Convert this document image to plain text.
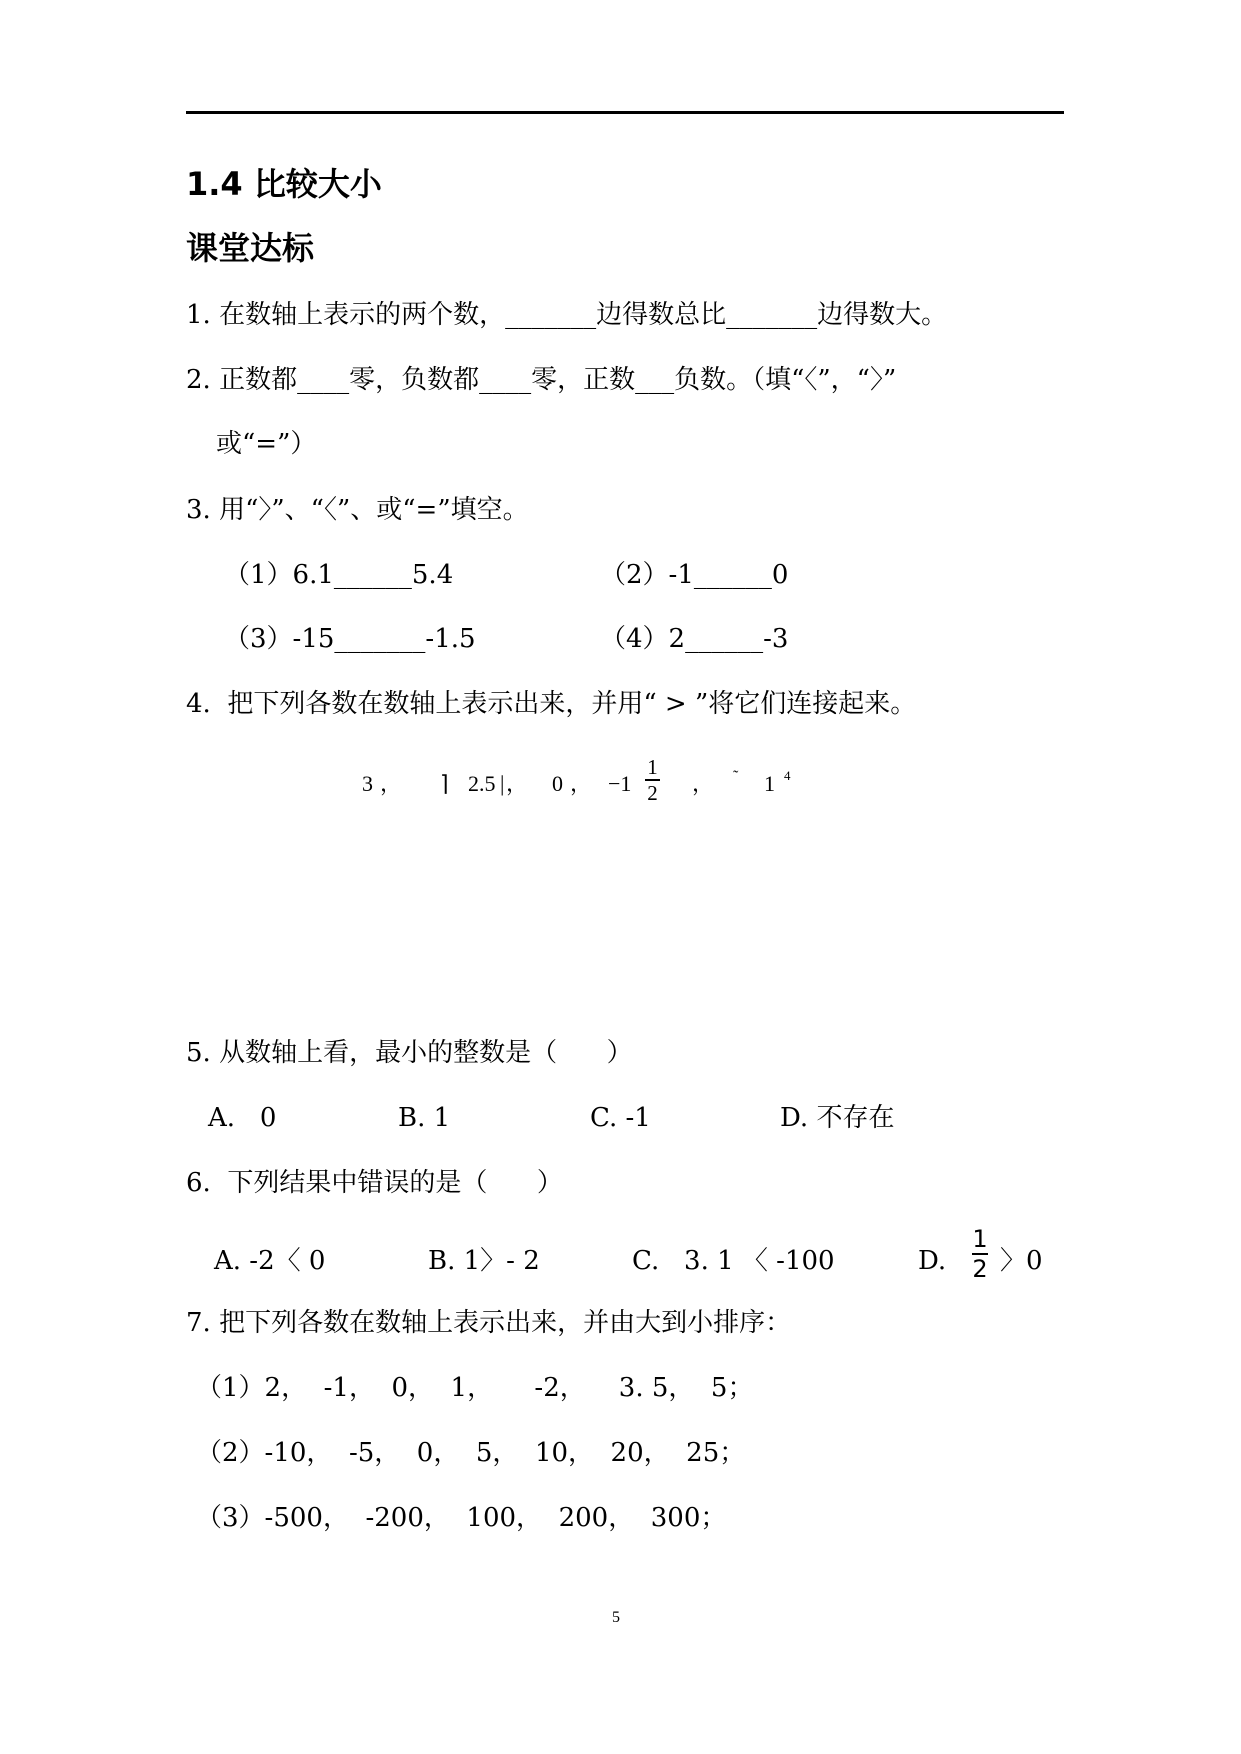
1.4 比较大小
课堂达标
1. 在数轴上表示的两个数，_______边得数总比_______边得数大。
2. 正数都____零，负数都____零，正数___负数。（填“〈”，“〉”
或“=”）
3. 用“〉”、“〈”、或“=”填空。
（1）6.1______5.4	（2）-1______0
（3）-15_______-1.5	（4）2______-3
4.  把下列各数在数轴上表示出来，并用“ > ”将它们连接起来。
3 ， ⌉ 2.5 | ， 0 ， −1
1
2 ， ˜ 1 4
5. 从数轴上看，最小的整数是（      ）
A.   0	B. 1	C. -1	D. 不存在
6.  下列结果中错误的是（      ）
A. -2〈 0	B. 1〉- 2	C.   3. 1 〈 -100	D.
1
2 〉0
7. 把下列各数在数轴上表示出来，并由大到小排序：
（1）2，  -1，  0，  1，     -2，    3. 5，  5；
（2）-10，  -5，  0，  5，  10，  20，  25；
（3）-500，  -200，  100，  200，  300；
5
